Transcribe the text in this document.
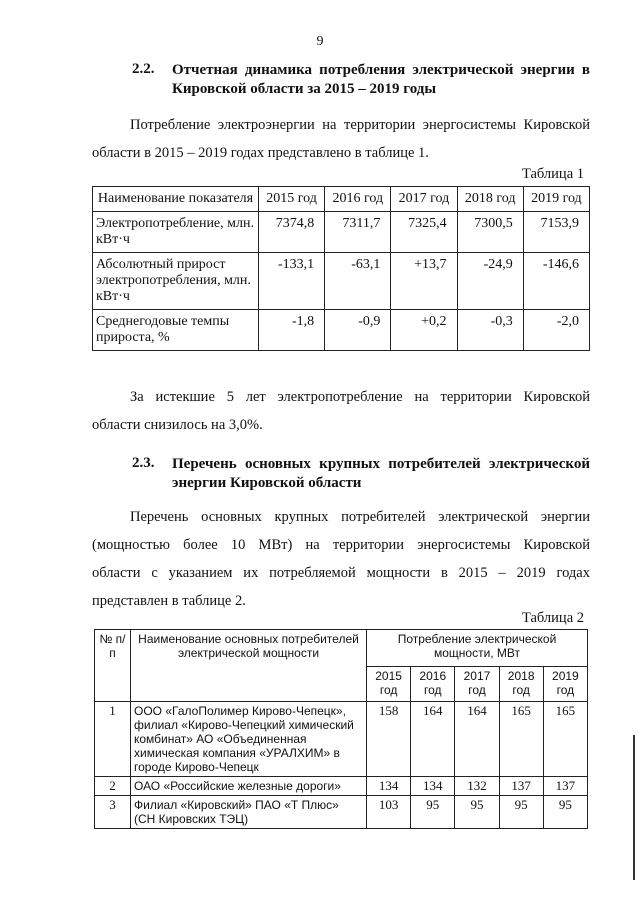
9
2.2. Отчетная динамика потребления электрической энергии в
Кировской области за 2015 – 2019 годы
Потребление электроэнергии на территории энергосистемы Кировской
области в 2015 – 2019 годах представлено в таблице 1.
Таблица 1
Наименование показателя	2015 год	2016 год	2017 год	2018 год	2019 год
Электропотребление, млн. кВт·ч	7374,8	7311,7	7325,4	7300,5	7153,9
Абсолютный прирост электропотребления, млн. кВт·ч	-133,1	-63,1	+13,7	-24,9	-146,6
Среднегодовые темпы прироста, %	-1,8	-0,9	+0,2	-0,3	-2,0
За истекшие 5 лет электропотребление на территории Кировской
области снизилось на 3,0%.
2.3. Перечень основных крупных потребителей электрической
энергии Кировской области
Перечень основных крупных потребителей электрической энергии
(мощностью более 10 МВт) на территории энергосистемы Кировской
области с указанием их потребляемой мощности в 2015 – 2019 годах
представлен в таблице 2.
Таблица 2
№ п/п	Наименование основных потребителей электрической мощности	Потребление электрической мощности, МВт				
		2015 год	2016 год	2017 год	2018 год	2019 год
1	ООО «ГалоПолимер Кирово-Чепецк», филиал «Кирово-Чепецкий химический комбинат» АО «Объединенная химическая компания «УРАЛХИМ» в городе Кирово-Чепецк	158	164	164	165	165
2	ОАО «Российские железные дороги»	134	134	132	137	137
3	Филиал «Кировский» ПАО «Т Плюс» (СН Кировских ТЭЦ)	103	95	95	95	95
